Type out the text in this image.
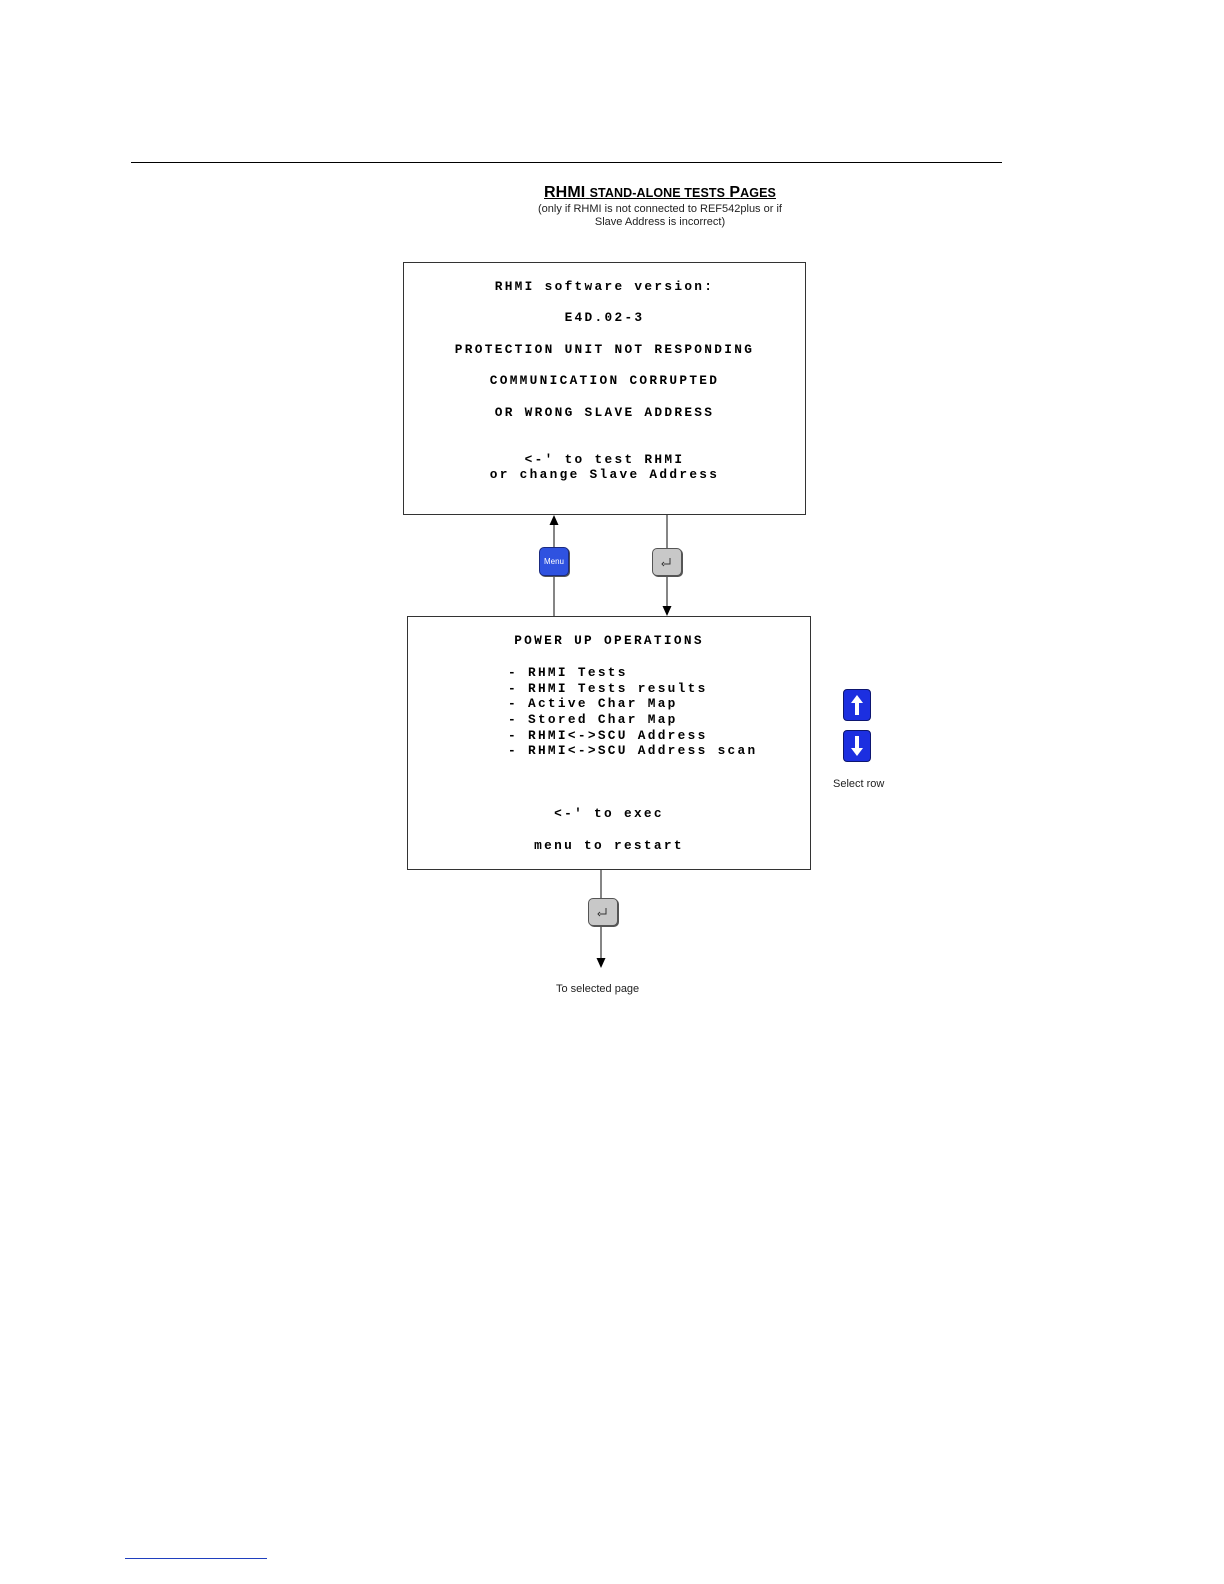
RHMI STAND-ALONE TESTS PAGES
(only if RHMI is not connected to REF542plus or if
Slave Address is incorrect)

RHMI software version:

E4D.02-3

PROTECTION UNIT NOT RESPONDING

COMMUNICATION CORRUPTED

OR WRONG SLAVE ADDRESS

<-' to test RHMI

or change Slave Address

POWER UP OPERATIONS

- RHMI Tests

- RHMI Tests results

- Active Char Map

- Stored Char Map

- RHMI<->SCU Address

- RHMI<->SCU Address scan

<-' to exec

menu to restart

Menu
Select row
To selected page
